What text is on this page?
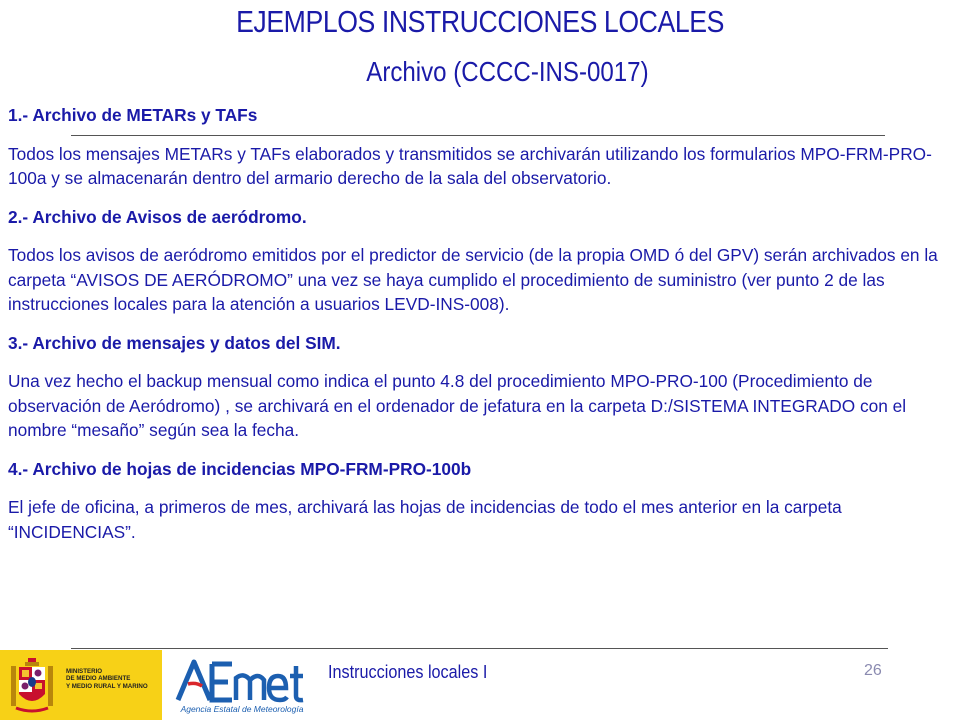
EJEMPLOS INSTRUCCIONES LOCALES
Archivo (CCCC-INS-0017)

1.- Archivo de METARs y TAFs

Todos los mensajes METARs y TAFs elaborados y transmitidos se archivarán utilizando los formularios MPO-FRM-PRO-100a y se almacenarán dentro del armario derecho de la sala del observatorio.

2.- Archivo de Avisos de aeródromo.

Todos los avisos de aeródromo emitidos por el predictor de servicio (de la propia OMD ó del GPV) serán archivados en la carpeta “AVISOS DE AERÓDROMO” una vez se haya cumplido el procedimiento de suministro (ver punto 2 de las instrucciones locales para la atención a usuarios LEVD-INS-008).

3.- Archivo de mensajes y datos del SIM.

Una vez hecho el backup mensual como indica el punto 4.8 del procedimiento MPO-PRO-100 (Procedimiento de observación de Aeródromo) , se archivará en el ordenador de jefatura en la carpeta D:/SISTEMA INTEGRADO con el nombre “mesaño” según sea la fecha.

4.- Archivo de hojas de incidencias MPO-FRM-PRO-100b

El jefe de oficina, a primeros de mes, archivará las hojas de incidencias de todo el mes anterior en la carpeta “INCIDENCIAS”.

MINISTERIO
DE MEDIO AMBIENTE
Y MEDIO RURAL Y MARINO
Agencia Estatal de Meteorología
Instrucciones locales I	26
